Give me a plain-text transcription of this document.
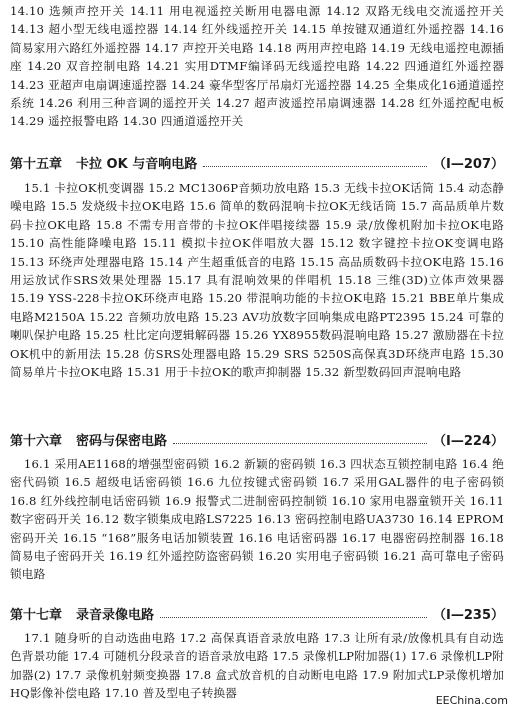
14.10 选频声控开关 14.11 用电视遥控关断用电器电源 14.12 双路无线电交流遥控开关 14.13 超小型无线电遥控器 14.14 红外线遥控开关 14.15 单按键双通道红外遥控器 14.16 简易家用六路红外遥控器 14.17 声控开关电路 14.18 两用声控电路 14.19 无线电遥控电源插座 14.20 双音控制电路 14.21 实用DTMF编译码无线遥控电路 14.22 四通道红外遥控器 14.23 亚超声电扇调速遥控器 14.24 豪华型客厅吊扇灯光遥控器 14.25 全集成化16通道遥控系统 14.26 利用三种音调的遥控开关 14.27 超声波遥控吊扇调速器 14.28 红外遥控配电板 14.29 遥控报警电路 14.30 四通道遥控开关
第十五章 卡拉 OK 与音响电路	（Ⅰ—207）
15.1 卡拉OK机变调器 15.2 MC1306P音频功放电路 15.3 无线卡拉OK话筒 15.4 动态静噪电路 15.5 发烧级卡拉OK电路 15.6 简单的数码混响卡拉OK无线话筒 15.7 高品质单片数码卡拉OK电路 15.8 不需专用音带的卡拉OK伴唱接续器 15.9 录/放像机附加卡拉OK电路 15.10 高性能降噪电路 15.11 模拟卡拉OK伴唱放大器 15.12 数字键控卡拉OK变调电路 15.13 环绕声处理器电路 15.14 产生超重低音的电路 15.15 高品质数码卡拉OK电路 15.16 用运放试作SRS效果处理器 15.17 具有混响效果的伴唱机 15.18 三维(3D)立体声效果器 15.19 YSS-228卡拉OK环绕声电路 15.20 带混响功能的卡拉OK电路 15.21 BBE单片集成电路M2150A 15.22 音频功放电路 15.23 AV功放数字回响集成电路PT2395 15.24 可靠的喇叭保护电路 15.25 杜比定向逻辑解码器 15.26 YX8955数码混响电路 15.27 激励器在卡拉OK机中的新用法 15.28 仿SRS处理器电路 15.29 SRS 5250S高保真3D环绕声电路 15.30 简易单片卡拉OK电路 15.31 用于卡拉OK的歌声抑制器 15.32 新型数码回声混响电路
第十六章 密码与保密电路	（Ⅰ—224）
16.1 采用AE1168的增强型密码锁 16.2 新颖的密码锁 16.3 四状态互锁控制电路 16.4 绝密代码锁 16.5 超级电话密码锁 16.6 九位按键式密码锁 16.7 采用GAL器件的电子密码锁 16.8 红外线控制电话密码锁 16.9 报警式二进制密码控制锁 16.10 家用电器童锁开关 16.11 数字密码开关 16.12 数字锁集成电路LS7225 16.13 密码控制电路UA3730 16.14 EPROM密码开关 16.15 “168”服务电话加锁装置 16.16 电话密码器 16.17 电器密码控制器 16.18 简易电子密码开关 16.19 红外遥控防盗密码锁 16.20 实用电子密码锁 16.21 高可靠电子密码锁电路
第十七章 录音录像电路	（Ⅰ—235）
17.1 随身听的自动选曲电路 17.2 高保真语音录放电路 17.3 让所有录/放像机具有自动选色背景功能 17.4 可随机分段录音的语音录放电路 17.5 录像机LP附加器(1) 17.6 录像机LP附加器(2) 17.7 录像机射频变换器 17.8 盒式放音机的自动断电电路 17.9 附加式LP录像机增加HQ影像补偿电路 17.10 普及型电子转换器
EEChina.com
